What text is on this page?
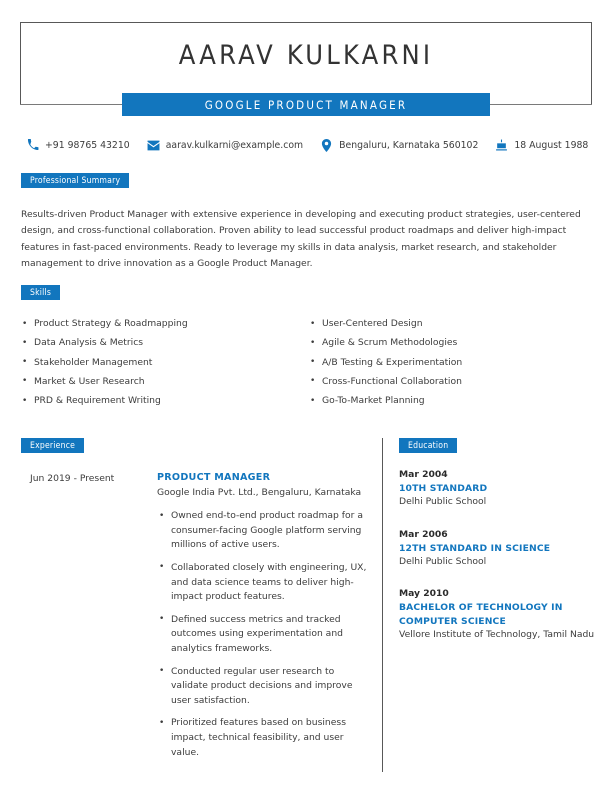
AARAV KULKARNI
GOOGLE PRODUCT MANAGER
+91 98765 43210	aarav.kulkarni@example.com	Bengaluru, Karnataka 560102	18 August 1988
Professional Summary
Results-driven Product Manager with extensive experience in developing and executing product strategies, user-centered design, and cross-functional collaboration. Proven ability to lead successful product roadmaps and deliver high-impact features in fast-paced environments. Ready to leverage my skills in data analysis, market research, and stakeholder management to drive innovation as a Google Product Manager.
Skills
• Product Strategy & Roadmapping	• User-Centered Design
• Data Analysis & Metrics	• Agile & Scrum Methodologies
• Stakeholder Management	• A/B Testing & Experimentation
• Market & User Research	• Cross-Functional Collaboration
• PRD & Requirement Writing	• Go-To-Market Planning
Experience	Education
Jun 2019 - Present	PRODUCT MANAGER
Google India Pvt. Ltd., Bengaluru, Karnataka
• Owned end-to-end product roadmap for a consumer-facing Google platform serving millions of active users.
• Collaborated closely with engineering, UX, and data science teams to deliver high-impact product features.
• Defined success metrics and tracked outcomes using experimentation and analytics frameworks.
• Conducted regular user research to validate product decisions and improve user satisfaction.
• Prioritized features based on business impact, technical feasibility, and user value.
Mar 2004
10TH STANDARD
Delhi Public School
Mar 2006
12TH STANDARD IN SCIENCE
Delhi Public School
May 2010
BACHELOR OF TECHNOLOGY IN COMPUTER SCIENCE
Vellore Institute of Technology, Tamil Nadu
